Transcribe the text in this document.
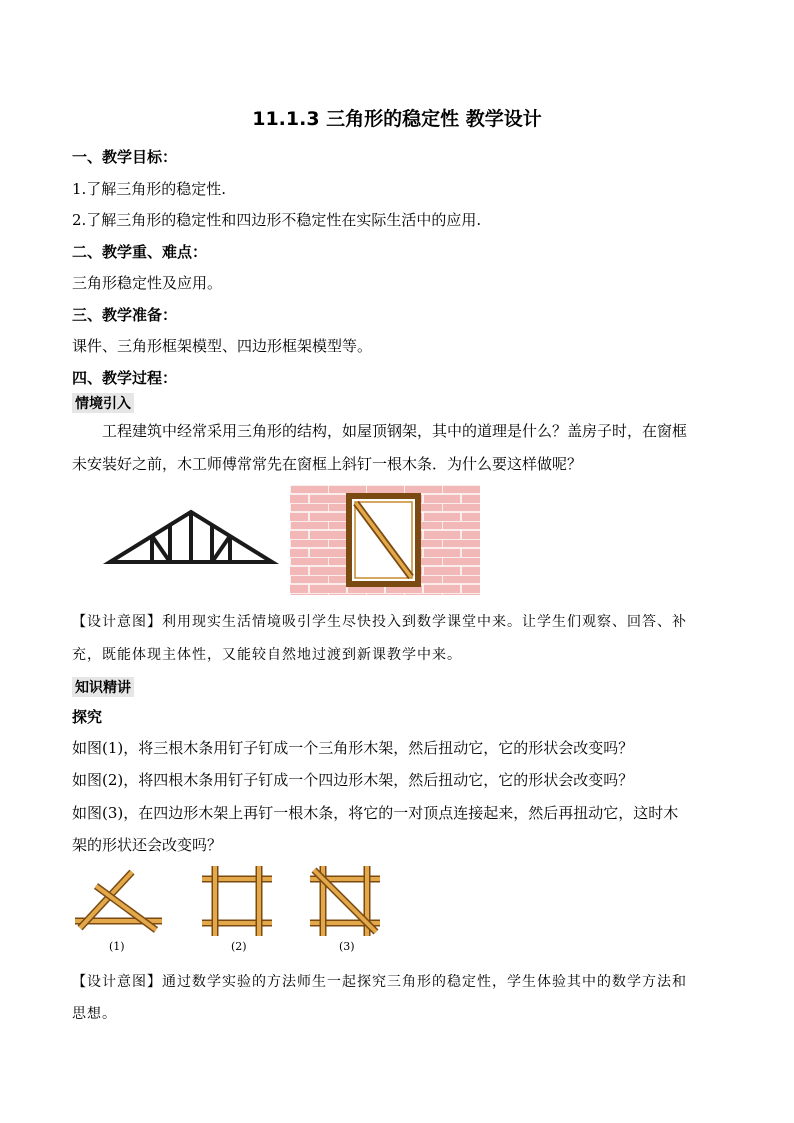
11.1.3 三角形的稳定性 教学设计
一、教学目标：
1.了解三角形的稳定性.
2.了解三角形的稳定性和四边形不稳定性在实际生活中的应用.
二、教学重、难点：
三角形稳定性及应用。
三、教学准备：
课件、三角形框架模型、四边形框架模型等。
四、教学过程：
情境引入
工程建筑中经常采用三角形的结构，如屋顶钢架，其中的道理是什么？盖房子时，在窗框
未安装好之前，木工师傅常常先在窗框上斜钉一根木条．为什么要这样做呢？
【设计意图】利用现实生活情境吸引学生尽快投入到数学课堂中来。让学生们观察、回答、补
充，既能体现主体性，又能较自然地过渡到新课教学中来。
知识精讲
探究
如图(1)，将三根木条用钉子钉成一个三角形木架，然后扭动它，它的形状会改变吗？
如图(2)，将四根木条用钉子钉成一个四边形木架，然后扭动它，它的形状会改变吗？
如图(3)，在四边形木架上再钉一根木条，将它的一对顶点连接起来，然后再扭动它，这时木
架的形状还会改变吗？
(1)	(2)	(3)
【设计意图】通过数学实验的方法师生一起探究三角形的稳定性，学生体验其中的数学方法和
思想。
